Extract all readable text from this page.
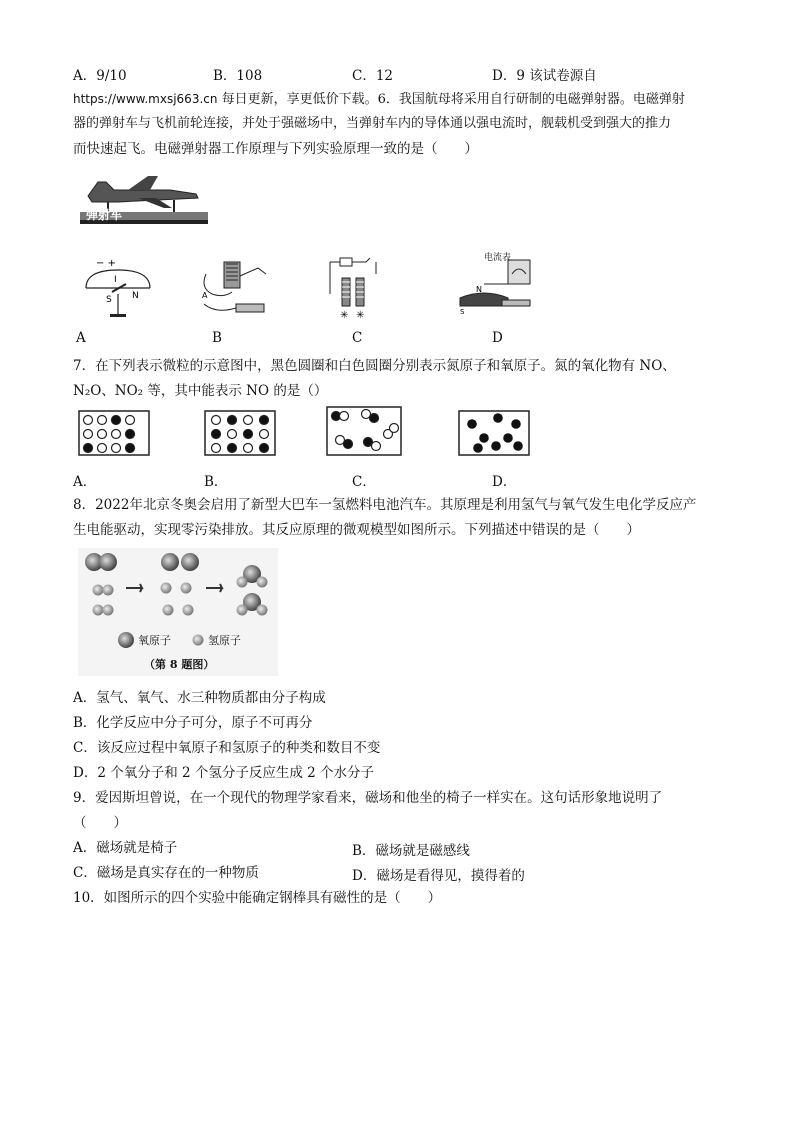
A．9/10	B．108	C．12	D．9 该试卷源自
https://www.mxsj663.cn 每日更新，享更低价下载。6．我国航母将采用自行研制的电磁弹射器。电磁弹射
器的弹射车与飞机前轮连接，并处于强磁场中，当弹射车内的导体通以强电流时，舰载机受到强大的推力
而快速起飞。电磁弹射器工作原理与下列实验原理一致的是（　　）
弹射车
− +
I
S N	A
✳ ✳
N
S
电流表
A	B	C	D
7．在下列表示微粒的示意图中，黑色圆圈和白色圆圈分别表示氮原子和氧原子。氮的氧化物有 NO、
N₂O、NO₂ 等，其中能表示 NO 的是（）
A．	B．	C．	D．
8．2022年北京冬奥会启用了新型大巴车一氢燃料电池汽车。其原理是利用氢气与氧气发生电化学反应产
生电能驱动，实现零污染排放。其反应原理的微观模型如图所示。下列描述中错误的是（　　）
氧原子	氢原子
（第 8 题图）
A．氢气、氧气、水三种物质都由分子构成
B．化学反应中分子可分，原子不可再分
C．该反应过程中氧原子和氢原子的种类和数目不变
D．2 个氧分子和 2 个氢分子反应生成 2 个水分子
9．爱因斯坦曾说，在一个现代的物理学家看来，磁场和他坐的椅子一样实在。这句话形象地说明了
（　　）
A．磁场就是椅子	B．磁场就是磁感线
C．磁场是真实存在的一种物质	D．磁场是看得见，摸得着的
10．如图所示的四个实验中能确定钢棒具有磁性的是（　　）
